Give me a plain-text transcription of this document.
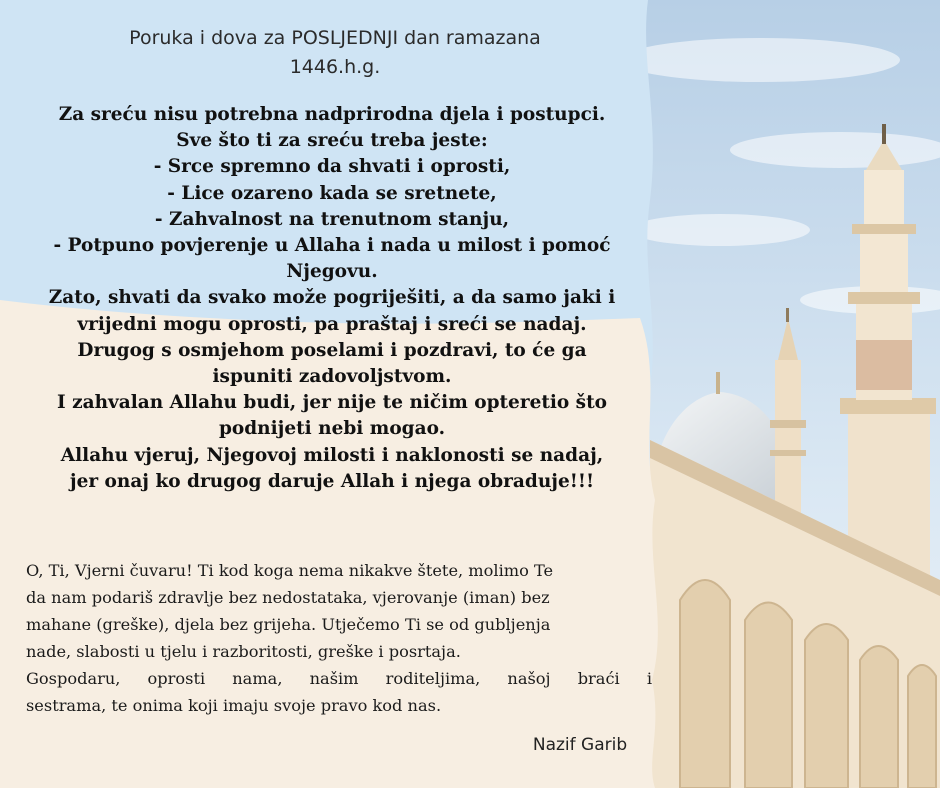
Poruka i dova za POSLJEDNJI dan ramazana
1446.h.g.
Za sreću nisu potrebna nadprirodna djela i postupci.
Sve što ti za sreću treba jeste:
- Srce spremno da shvati i oprosti,
- Lice ozareno kada se sretnete,
- Zahvalnost na trenutnom stanju,
- Potpuno povjerenje u Allaha i nada u milost i pomoć
Njegovu.
Zato, shvati da svako može pogriješiti, a da samo jaki i
vrijedni mogu oprosti, pa praštaj i sreći se nadaj.
Drugog s osmjehom poselami i pozdravi, to će ga
ispuniti zadovoljstvom.
I zahvalan Allahu budi, jer nije te ničim opteretio što
podnijeti nebi mogao.
Allahu vjeruj, Njegovoj milosti i naklonosti se nadaj,
jer onaj ko drugog daruje Allah i njega obraduje!!!
O, Ti, Vjerni čuvaru! Ti kod koga nema nikakve štete, molimo Te
da nam podariš zdravlje bez nedostataka, vjerovanje (iman) bez
mahane (greške), djela bez grijeha. Utječemo Ti se od gubljenja
nade, slabosti u tjelu i razboritosti, greške i posrtaja.
Gospodaru, oprosti nama, našim roditeljima, našoj braći i
sestrama, te onima koji imaju svoje pravo kod nas.
Nazif Garib
